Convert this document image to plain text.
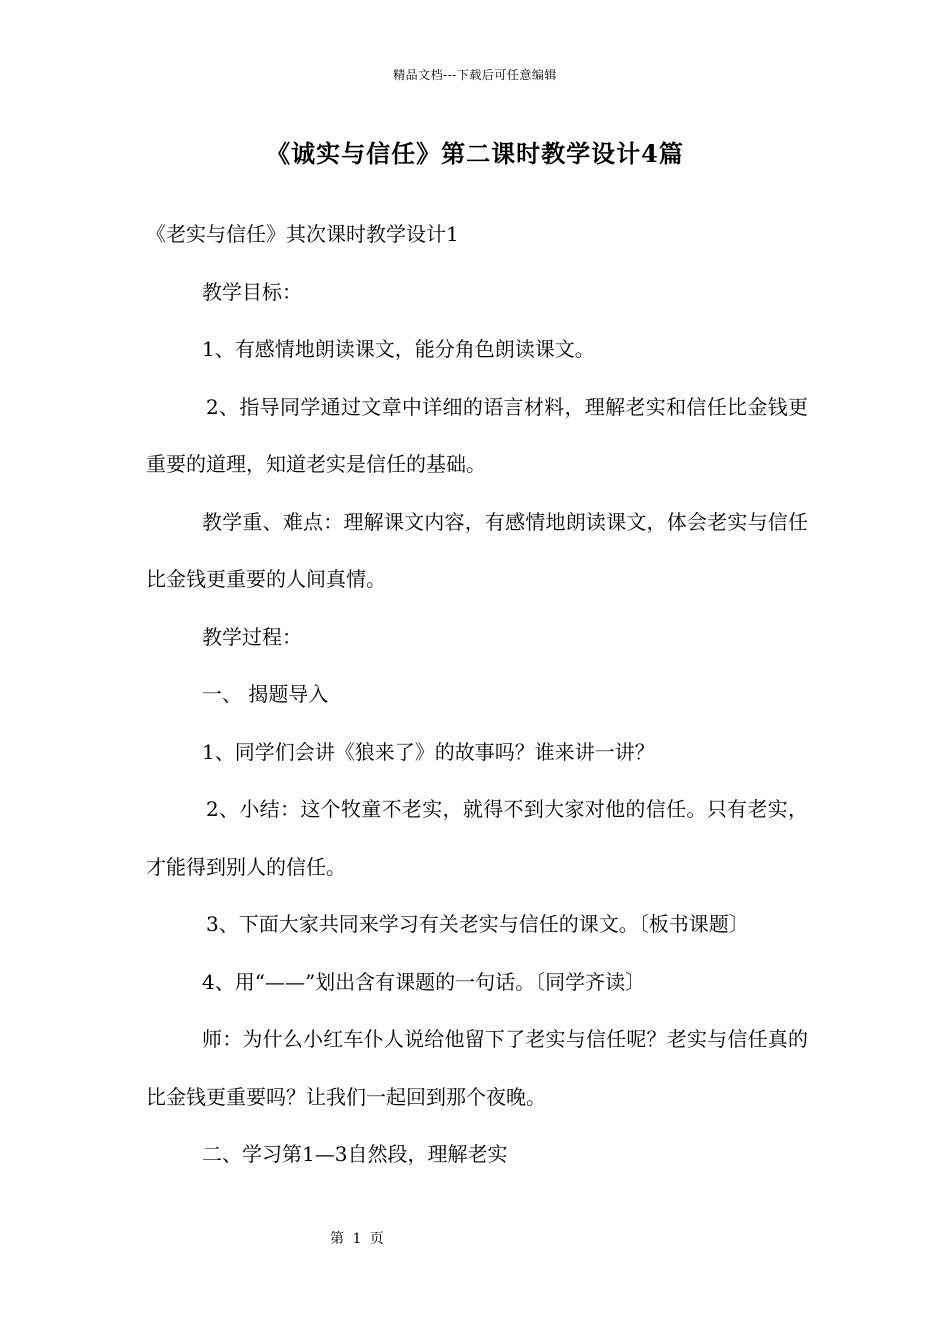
精品文档---下载后可任意编辑
《诚实与信任》第二课时教学设计4篇

《老实与信任》其次课时教学设计1

教学目标：

1、有感情地朗读课文，能分角色朗读课文。

2、指导同学通过文章中详细的语言材料，理解老实和信任比金钱更重要的道理，知道老实是信任的基础。

教学重、难点：理解课文内容，有感情地朗读课文，体会老实与信任比金钱更重要的人间真情。

教学过程：

一、 揭题导入

1、同学们会讲《狼来了》的故事吗？谁来讲一讲？

2、小结：这个牧童不老实，就得不到大家对他的信任。只有老实，才能得到别人的信任。

3、下面大家共同来学习有关老实与信任的课文。〔板书课题〕

4、用“——”划出含有课题的一句话。〔同学齐读〕

师：为什么小红车仆人说给他留下了老实与信任呢？老实与信任真的比金钱更重要吗？让我们一起回到那个夜晚。

二、学习第1—3自然段，理解老实

第 1 页
